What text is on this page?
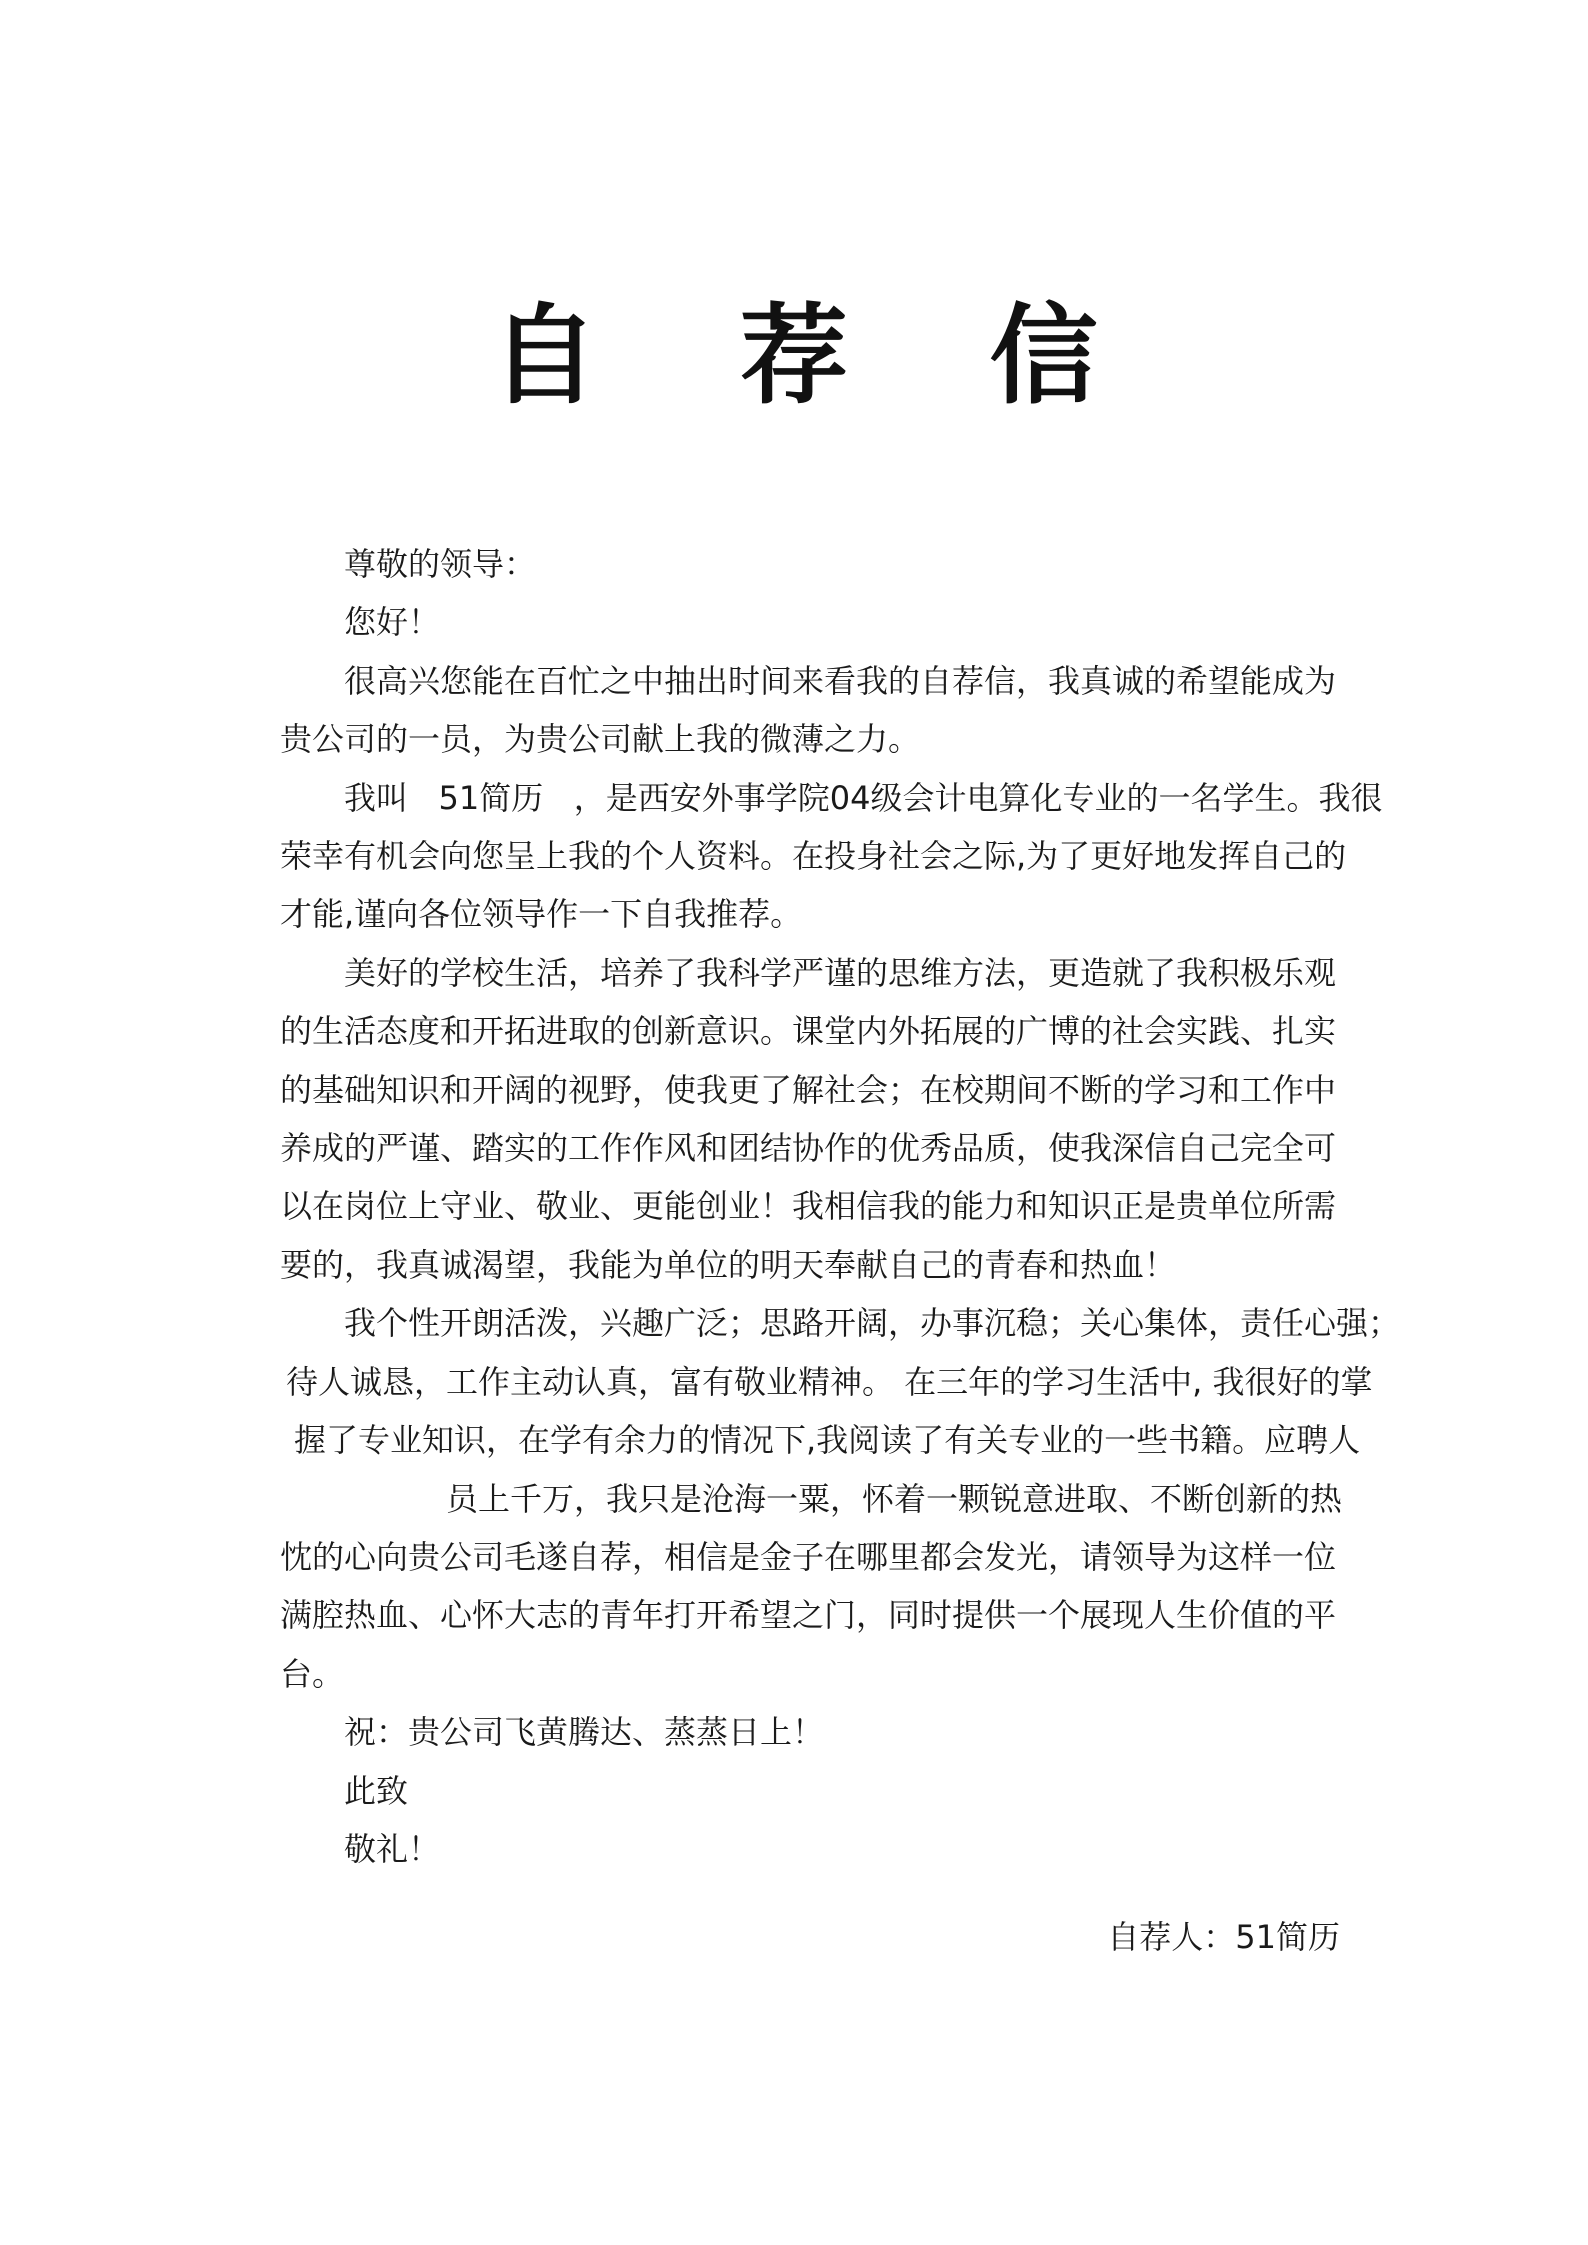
自 荐 信

尊敬的领导：

您好！

很高兴您能在百忙之中抽出时间来看我的自荐信，我真诚的希望能成为
贵公司的一员，为贵公司献上我的微薄之力。

我叫   51简历   ，是西安外事学院04级会计电算化专业的一名学生。我很
荣幸有机会向您呈上我的个人资料。在投身社会之际,为了更好地发挥自己的
才能,谨向各位领导作一下自我推荐。

美好的学校生活，培养了我科学严谨的思维方法，更造就了我积极乐观
的生活态度和开拓进取的创新意识。课堂内外拓展的广博的社会实践、扎实
的基础知识和开阔的视野，使我更了解社会；在校期间不断的学习和工作中
养成的严谨、踏实的工作作风和团结协作的优秀品质，使我深信自己完全可
以在岗位上守业、敬业、更能创业！我相信我的能力和知识正是贵单位所需
要的，我真诚渴望，我能为单位的明天奉献自己的青春和热血！

我个性开朗活泼，兴趣广泛；思路开阔，办事沉稳；关心集体，责任心强；
待人诚恳，工作主动认真，富有敬业精神。 在三年的学习生活中, 我很好的掌
握了专业知识，在学有余力的情况下,我阅读了有关专业的一些书籍。应聘人
员上千万，我只是沧海一粟，怀着一颗锐意进取、不断创新的热
忱的心向贵公司毛遂自荐，相信是金子在哪里都会发光，请领导为这样一位
满腔热血、心怀大志的青年打开希望之门，同时提供一个展现人生价值的平
台。

祝：贵公司飞黄腾达、蒸蒸日上！

此致

敬礼！

自荐人：51简历
